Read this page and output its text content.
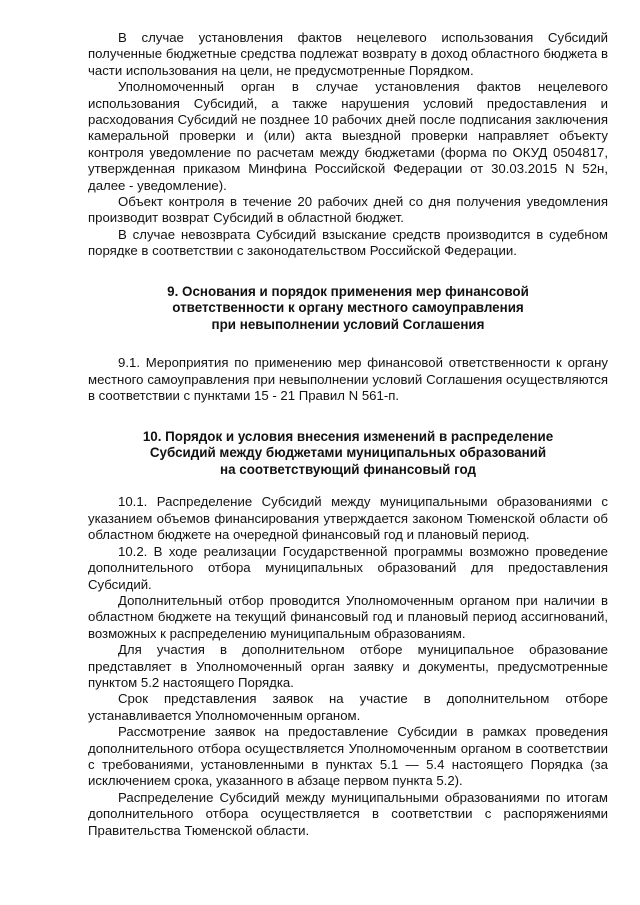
В случае установления фактов нецелевого использования Субсидий полученные бюджетные средства подлежат возврату в доход областного бюджета в части использования на цели, не предусмотренные Порядком.

Уполномоченный орган в случае установления фактов нецелевого использования Субсидий, а также нарушения условий предоставления и расходования Субсидий не позднее 10 рабочих дней после подписания заключения камеральной проверки и (или) акта выездной проверки направляет объекту контроля уведомление по расчетам между бюджетами (форма по ОКУД 0504817, утвержденная приказом Минфина Российской Федерации от 30.03.2015 N 52н, далее - уведомление).

Объект контроля в течение 20 рабочих дней со дня получения уведомления производит возврат Субсидий в областной бюджет.

В случае невозврата Субсидий взыскание средств производится в судебном порядке в соответствии с законодательством Российской Федерации.

9. Основания и порядок применения мер финансовой
ответственности к органу местного самоуправления
при невыполнении условий Соглашения

9.1. Мероприятия по применению мер финансовой ответственности к органу местного самоуправления при невыполнении условий Соглашения осуществляются в соответствии с пунктами 15 - 21 Правил N 561-п.

10. Порядок и условия внесения изменений в распределение
Субсидий между бюджетами муниципальных образований
на соответствующий финансовый год

10.1. Распределение Субсидий между муниципальными образованиями с указанием объемов финансирования утверждается законом Тюменской области об областном бюджете на очередной финансовый год и плановый период.

10.2. В ходе реализации Государственной программы возможно проведение дополнительного отбора муниципальных образований для предоставления Субсидий.

Дополнительный отбор проводится Уполномоченным органом при наличии в областном бюджете на текущий финансовый год и плановый период ассигнований, возможных к распределению муниципальным образованиям.

Для участия в дополнительном отборе муниципальное образование представляет в Уполномоченный орган заявку и документы, предусмотренные пунктом 5.2 настоящего Порядка.

Срок представления заявок на участие в дополнительном отборе устанавливается Уполномоченным органом.

Рассмотрение заявок на предоставление Субсидии в рамках проведения дополнительного отбора осуществляется Уполномоченным органом в соответствии с требованиями, установленными в пунктах 5.1 — 5.4 настоящего Порядка (за исключением срока, указанного в абзаце первом пункта 5.2).

Распределение Субсидий между муниципальными образованиями по итогам дополнительного отбора осуществляется в соответствии с распоряжениями Правительства Тюменской области.
